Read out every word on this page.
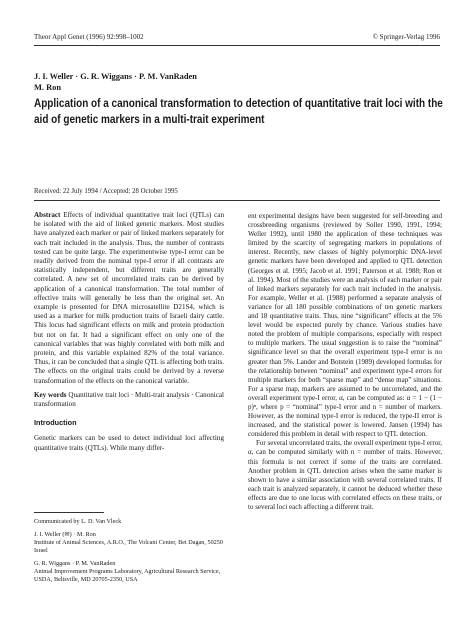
Theor Appl Genet (1996) 92:998–1002	© Springer-Verlag 1996
J. I. Weller · G. R. Wiggans · P. M. VanRaden
M. Ron
Application of a canonical transformation to detection of quantitative trait loci with the aid of genetic markers in a multi-trait experiment
Received: 22 July 1994 / Accepted: 28 October 1995

Abstract Effects of individual quantitative trait loci (QTLs) can be isolated with the aid of linked genetic markers. Most studies have analyzed each marker or pair of linked markers separately for each trait included in the analysis. Thus, the number of contrasts tested can be quite large. The experimentwise type-I error can be readily derived from the nominal type-I error if all contrasts are statistically independent, but different traits are generally correlated. A new set of uncorrelated traits can be derived by application of a canonical transformation. The total number of effective traits will generally be less than the original set. An example is presented for DNA microsatellite D21S4, which is used as a marker for milk production traits of Israeli dairy cattle. This locus had significant effects on milk and protein production but not on fat. It had a significant effect on only one of the canonical variables that was highly correlated with both milk and protein, and this variable explained 82% of the total variance. Thus, it can be concluded that a single QTL is affecting both traits. The effects on the original traits could be derived by a reverse transformation of the effects on the canonical variable.

Key words Quantitative trait loci · Multi-trait analysis · Canonical transformation

Introduction

Genetic markers can be used to detect individual loci affecting quantitative traits (QTLs). While many differ-

ent experimental designs have been suggested for self-breeding and crossbreeding organisms (reviewed by Soller 1990, 1991, 1994; Weller 1992), until 1980 the application of these techniques was limited by the scarcity of segregating markers in populations of interest. Recently, new classes of highly polymorphic DNA-level genetic markers have been developed and applied to QTL detection (Georges et al. 1995; Jacob et al. 1991; Paterson et al. 1988; Ron et al. 1994). Most of the studies were an analysis of each marker or pair of linked markers separately for each trait included in the analysis. For example, Weller et al. (1988) performed a separate analysis of variance for all 180 possible combinations of ten genetic markers and 18 quantitative traits. Thus, nine “significant” effects at the 5% level would be expected purely by chance. Various studies have noted the problem of multiple comparisons, especially with respect to multiple markers. The usual suggestion is to raise the “nominal” significance level so that the overall experiment type-I error is no greater than 5%. Lander and Botstein (1989) developed formulas for the relationship between “nominal” and experiment type-I errors for multiple markers for both “sparse map” and “dense map” situations. For a sparse map, markers are assumed to be uncorrelated, and the overall experiment type-I error, α, can be computed as: α = 1 − (1 − p)ⁿ, where p = “nominal” type-I error and n = number of markers. However, as the nominal type-I error is reduced, the type-II error is increased, and the statistical power is lowered. Jansen (1994) has considered this problem in detail with respect to QTL detection.

For several uncorrelated traits, the overall experiment type-I error, α, can be computed similarly with n = number of traits. However, this formula is not correct if some of the traits are correlated. Another problem in QTL detection arises when the same marker is shown to have a similar association with several correlated traits. If each trait is analyzed separately, it cannot be deduced whether these effects are due to one locus with correlated effects on these traits, or to several loci each affecting a different trait.

Communicated by L. D. Van Vleck
J. I. Weller (✉) · M. Ron
Institute of Animal Sciences, A.R.O., The Volcani Center, Bet Dagan, 50250 Israel
G. R. Wiggans · P. M. VanRaden
Animal Improvement Programs Laboratory, Agricultural Research Service, USDA, Beltsville, MD 20705-2350, USA
